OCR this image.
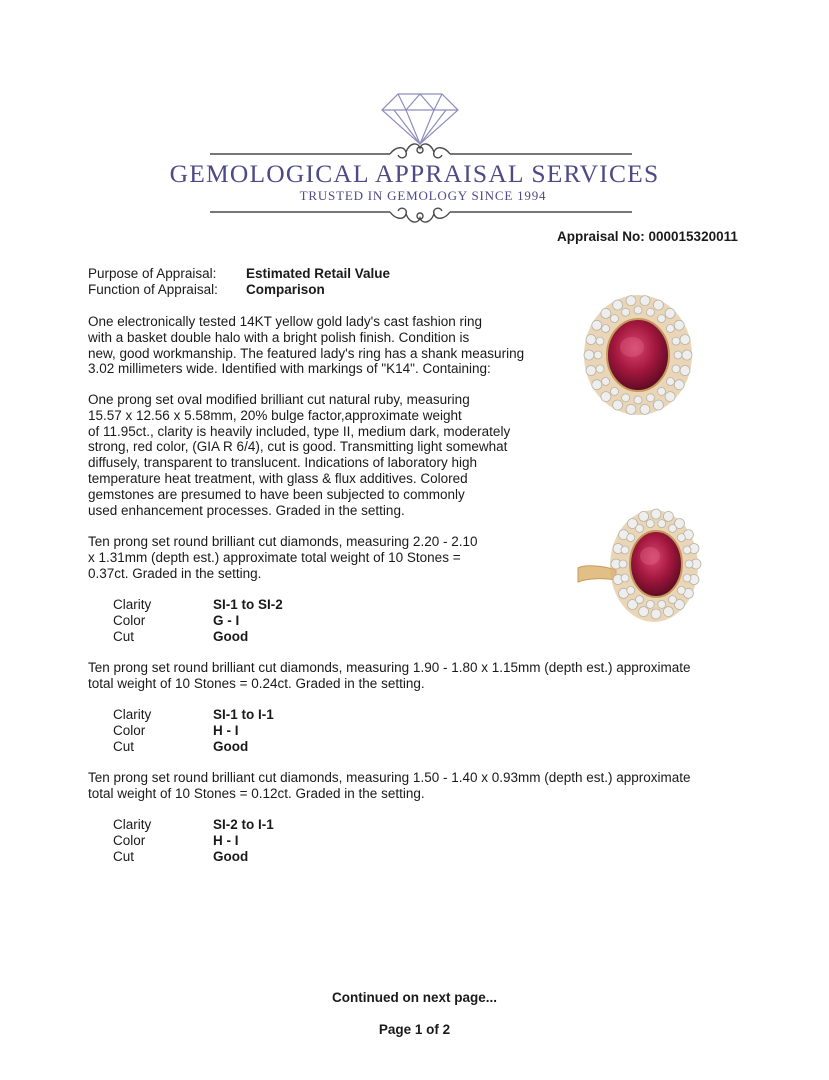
GEMOLOGICAL APPRAISAL SERVICES
TRUSTED IN GEMOLOGY SINCE 1994
Appraisal No: 000015320011
Purpose of Appraisal: Estimated Retail Value
Function of Appraisal: Comparison

One electronically tested 14KT yellow gold lady's cast fashion ring

with a basket double halo with a bright polish finish. Condition is

new, good workmanship. The featured lady's ring has a shank measuring

3.02 millimeters wide. Identified with markings of "K14". Containing:

One prong set oval modified brilliant cut natural ruby, measuring

15.57 x 12.56 x 5.58mm, 20% bulge factor,approximate weight

of 11.95ct., clarity is heavily included, type II, medium dark, moderately

strong, red color, (GIA R 6/4), cut is good. Transmitting light somewhat

diffusely, transparent to translucent. Indications of laboratory high

temperature heat treatment, with glass & flux additives. Colored

gemstones are presumed to have been subjected to commonly

used enhancement processes. Graded in the setting.

Ten prong set round brilliant cut diamonds, measuring 2.20 - 2.10

x 1.31mm (depth est.) approximate total weight of 10 Stones =

0.37ct. Graded in the setting.

Clarity	SI-1 to SI-2
Color	G - I
Cut	Good

Ten prong set round brilliant cut diamonds, measuring 1.90 - 1.80 x 1.15mm (depth est.) approximate

total weight of 10 Stones = 0.24ct. Graded in the setting.

Clarity	SI-1 to I-1
Color	H - I
Cut	Good

Ten prong set round brilliant cut diamonds, measuring 1.50 - 1.40 x 0.93mm (depth est.) approximate

total weight of 10 Stones = 0.12ct. Graded in the setting.

Clarity	SI-2 to I-1
Color	H - I
Cut	Good
Continued on next page...
Page 1 of 2
